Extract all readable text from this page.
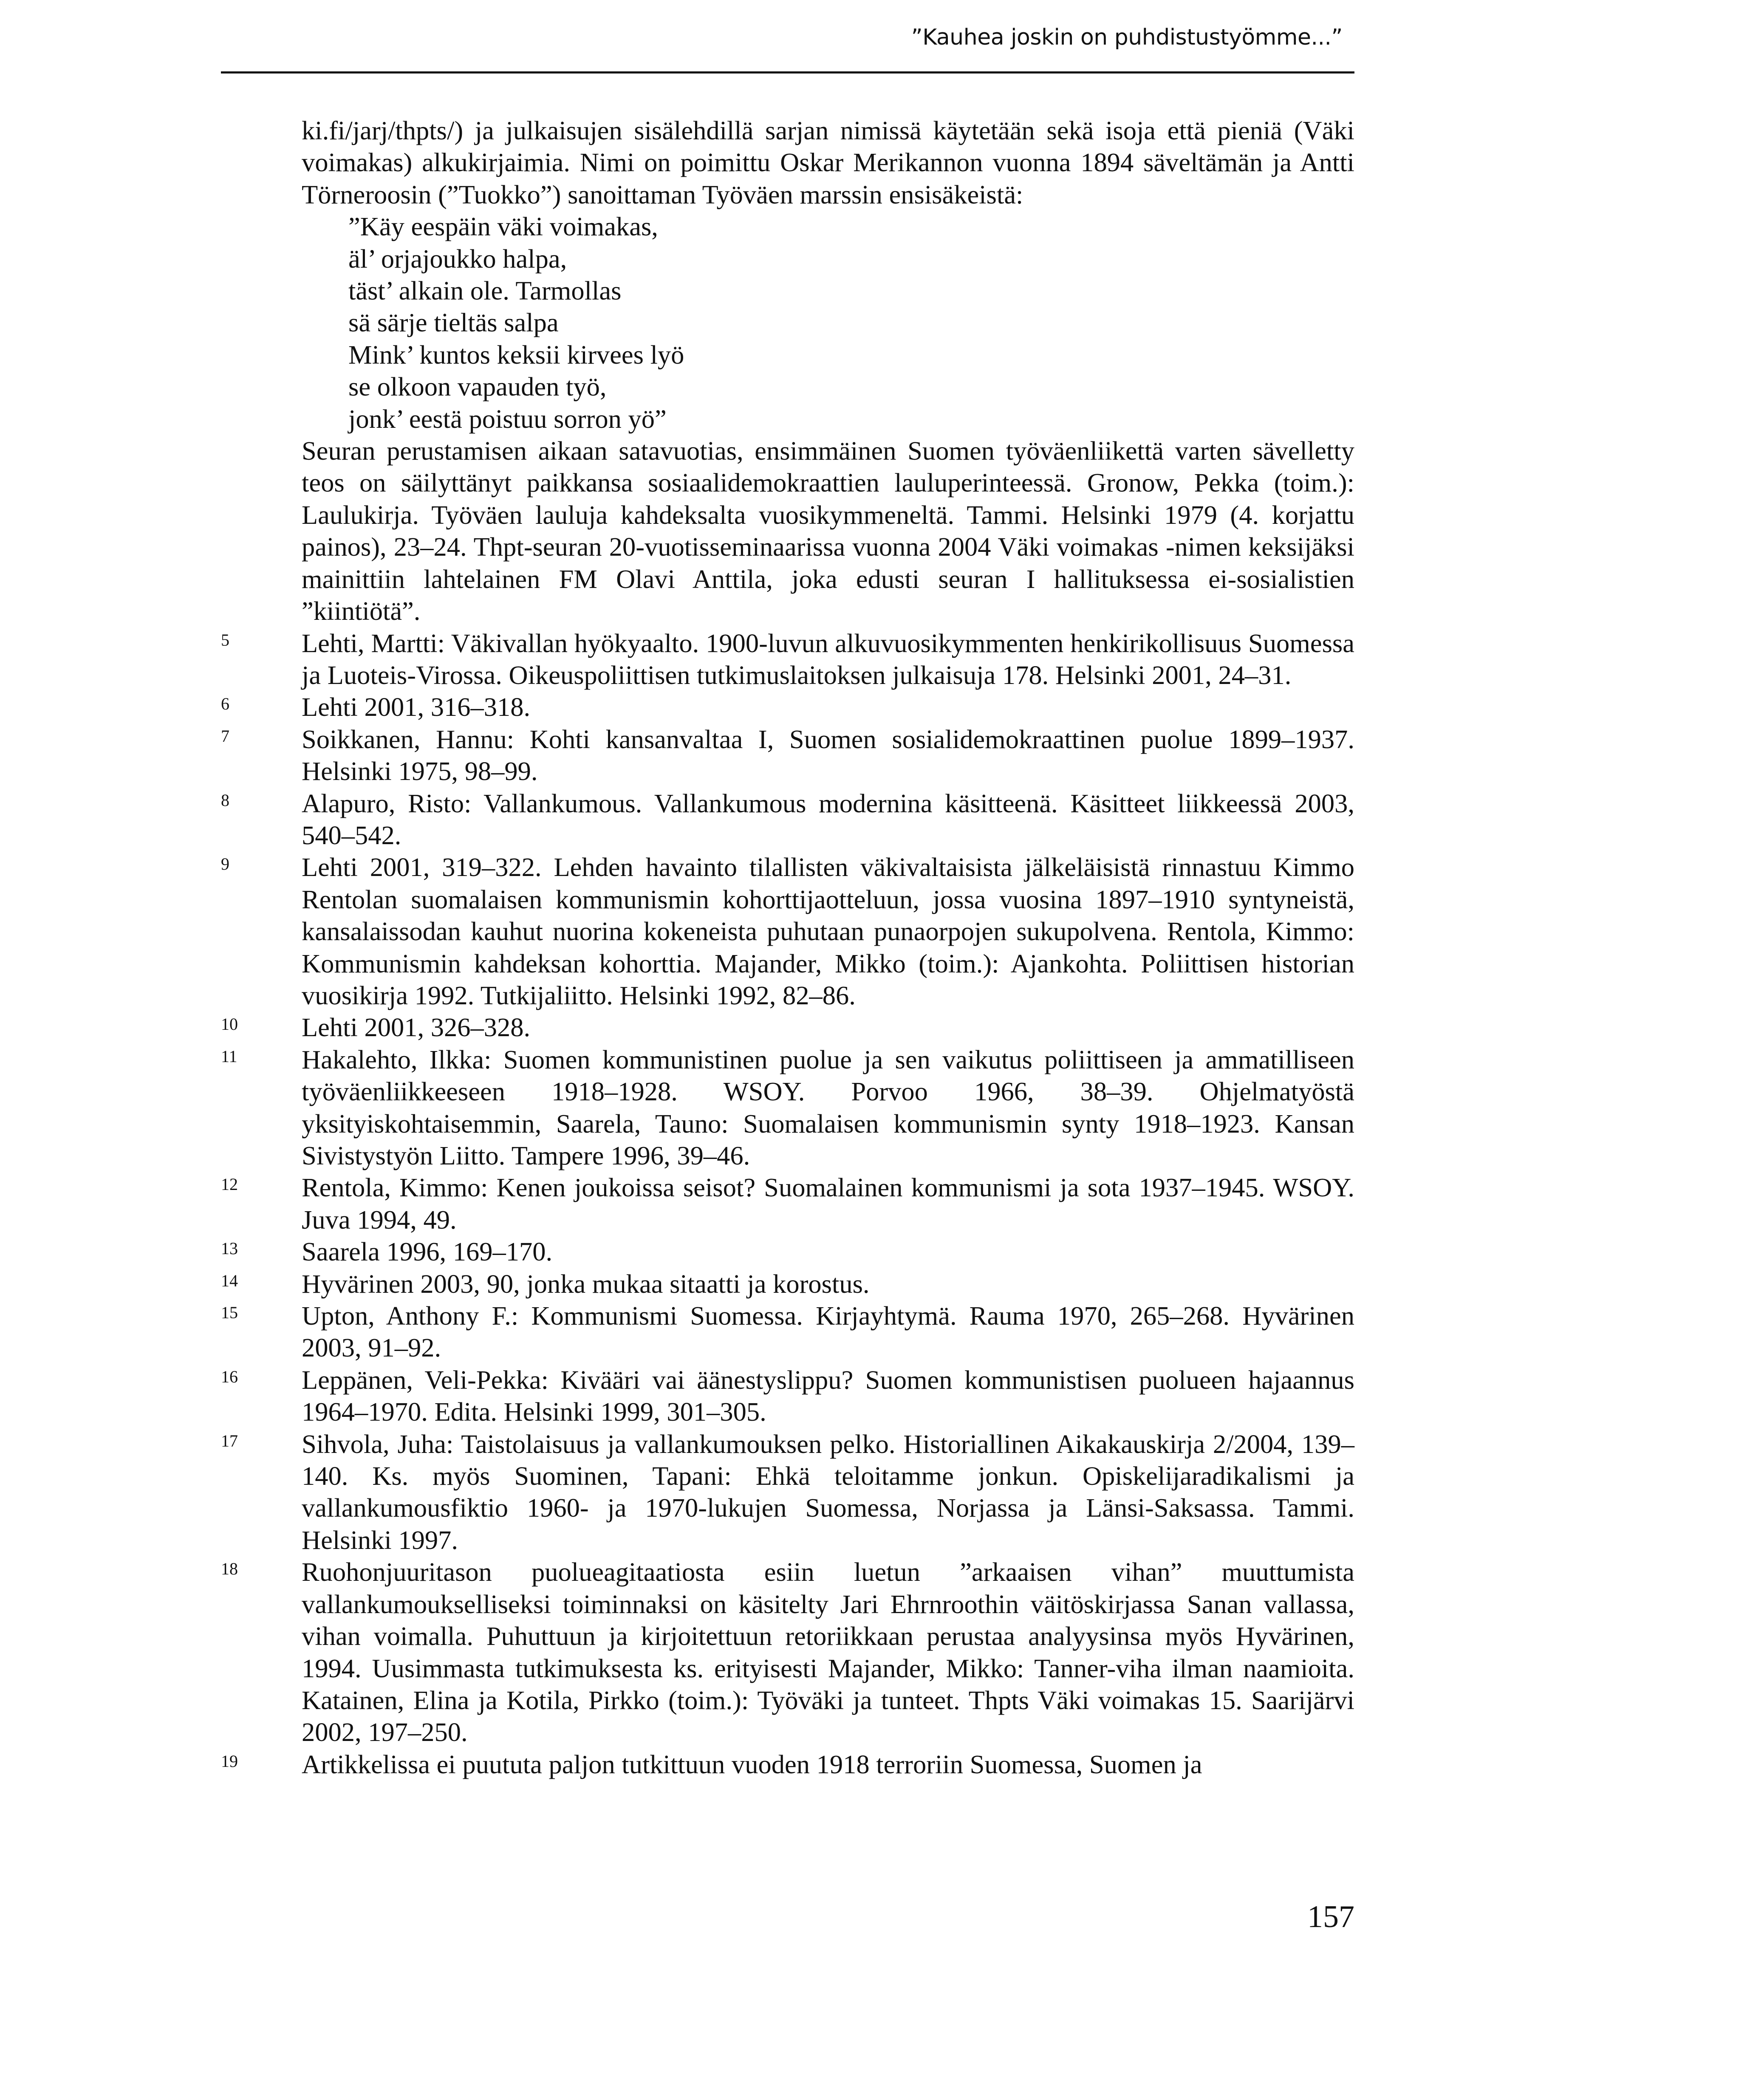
”Kauhea joskin on puhdistustyömme...”

ki.fi/jarj/thpts/) ja julkaisujen sisälehdillä sarjan nimissä käytetään sekä isoja että pieniä (Väki voimakas) alkukirjaimia. Nimi on poimittu Oskar Merikannon vuonna 1894 säveltämän ja Antti Törneroosin (”Tuokko”) sanoittaman Työväen marssin ensisäkeistä:

”Käy eespäin väki voimakas,
äl’ orjajoukko halpa,
täst’ alkain ole. Tarmollas
sä särje tieltäs salpa
Mink’ kuntos keksii kirvees lyö
se olkoon vapauden työ,
jonk’ eestä poistuu sorron yö”

Seuran perustamisen aikaan satavuotias, ensimmäinen Suomen työväenliikettä varten sävelletty teos on säilyttänyt paikkansa sosiaalidemokraattien lauluperinteessä. Gronow, Pekka (toim.): Laulukirja. Työväen lauluja kahdeksalta vuosikymmeneltä. Tammi. Helsinki 1979 (4. korjattu painos), 23–24. Thpt-seuran 20-vuotisseminaarissa vuonna 2004 Väki voimakas -nimen keksijäksi mainittiin lahtelainen FM Olavi Anttila, joka edusti seuran I hallituksessa ei-sosialistien ”kiintiötä”.

5	Lehti, Martti: Väkivallan hyökyaalto. 1900-luvun alkuvuosikymmenten henkirikollisuus Suomessa ja Luoteis-Virossa. Oikeuspoliittisen tutkimuslaitoksen julkaisuja 178. Helsinki 2001, 24–31.
6	Lehti 2001, 316–318.
7	Soikkanen, Hannu: Kohti kansanvaltaa I, Suomen sosialidemokraattinen puolue 1899–1937. Helsinki 1975, 98–99.
8	Alapuro, Risto: Vallankumous. Vallankumous modernina käsitteenä. Käsitteet liikkeessä 2003, 540–542.
9	Lehti 2001, 319–322. Lehden havainto tilallisten väkivaltaisista jälkeläisistä rinnastuu Kimmo Rentolan suomalaisen kommunismin kohorttijaotteluun, jossa vuosina 1897–1910 syntyneistä, kansalaissodan kauhut nuorina kokeneista puhutaan punaorpojen sukupolvena. Rentola, Kimmo: Kommunismin kahdeksan kohorttia. Majander, Mikko (toim.): Ajankohta. Poliittisen historian vuosikirja 1992. Tutkijaliitto. Helsinki 1992, 82–86.
10 Lehti 2001, 326–328.
11 Hakalehto, Ilkka: Suomen kommunistinen puolue ja sen vaikutus poliittiseen ja ammatilliseen työväenliikkeeseen 1918–1928. WSOY. Porvoo 1966, 38–39. Ohjelmatyöstä yksityiskohtaisemmin, Saarela, Tauno: Suomalaisen kommunismin synty 1918–1923. Kansan Sivistystyön Liitto. Tampere 1996, 39–46.
12 Rentola, Kimmo: Kenen joukoissa seisot? Suomalainen kommunismi ja sota 1937–1945. WSOY. Juva 1994, 49.
13 Saarela 1996, 169–170.
14 Hyvärinen 2003, 90, jonka mukaa sitaatti ja korostus.
15 Upton, Anthony F.: Kommunismi Suomessa. Kirjayhtymä. Rauma 1970, 265–268. Hyvärinen 2003, 91–92.
16 Leppänen, Veli-Pekka: Kivääri vai äänestyslippu? Suomen kommunistisen puolueen hajaannus 1964–1970. Edita. Helsinki 1999, 301–305.
17 Sihvola, Juha: Taistolaisuus ja vallankumouksen pelko. Historiallinen Aikakauskirja 2/2004, 139–140. Ks. myös Suominen, Tapani: Ehkä teloitamme jonkun. Opiskelijaradikalismi ja vallankumousfiktio 1960- ja 1970-lukujen Suomessa, Norjassa ja Länsi-Saksassa. Tammi. Helsinki 1997.
18 Ruohonjuuritason puolueagitaatiosta esiin luetun ”arkaaisen vihan” muuttumista vallankumoukselliseksi toiminnaksi on käsitelty Jari Ehrnroothin väitöskirjassa Sanan vallassa, vihan voimalla. Puhuttuun ja kirjoitettuun retoriikkaan perustaa analyysinsa myös Hyvärinen, 1994. Uusimmasta tutkimuksesta ks. erityisesti Majander, Mikko: Tanner-viha ilman naamioita. Katainen, Elina ja Kotila, Pirkko (toim.): Työväki ja tunteet. Thpts Väki voimakas 15. Saarijärvi 2002, 197–250.
19 Artikkelissa ei puututa paljon tutkittuun vuoden 1918 terroriin Suomessa, Suomen ja
157
